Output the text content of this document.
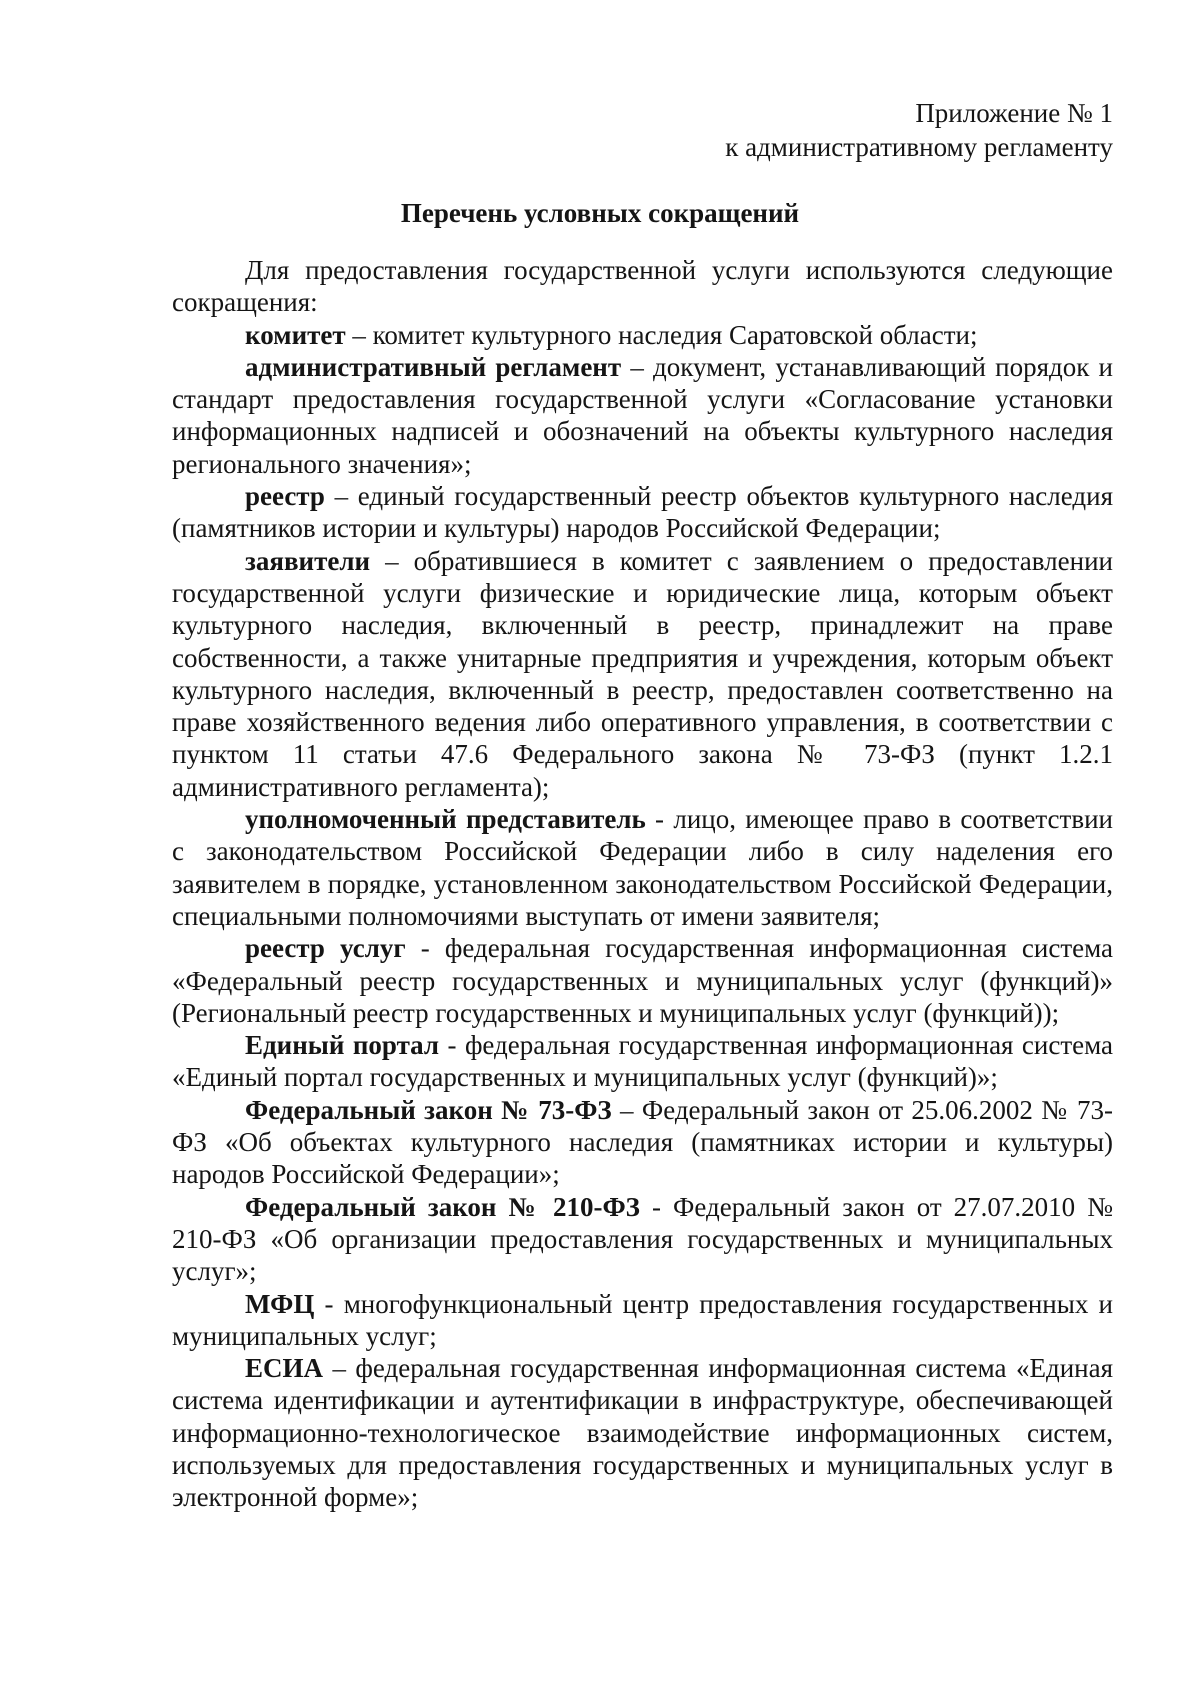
Приложение № 1
к административному регламенту
Перечень условных сокращений

Для предоставления государственной услуги используются следующие сокращения:

комитет – комитет культурного наследия Саратовской области;

административный регламент – документ, устанавливающий порядок и стандарт предоставления государственной услуги «Согласование установки информационных надписей и обозначений на объекты культурного наследия регионального значения»;

реестр – единый государственный реестр объектов культурного наследия (памятников истории и культуры) народов Российской Федерации;

заявители – обратившиеся в комитет с заявлением о предоставлении государственной услуги физические и юридические лица, которым объект культурного наследия, включенный в реестр, принадлежит на праве собственности, а также унитарные предприятия и учреждения, которым объект культурного наследия, включенный в реестр, предоставлен соответственно на праве хозяйственного ведения либо оперативного управления, в соответствии с пунктом 11 статьи 47.6 Федерального закона № 73-ФЗ (пункт 1.2.1 административного регламента);

уполномоченный представитель - лицо, имеющее право в соответствии с законодательством Российской Федерации либо в силу наделения его заявителем в порядке, установленном законодательством Российской Федерации, специальными полномочиями выступать от имени заявителя;

реестр услуг - федеральная государственная информационная система «Федеральный реестр государственных и муниципальных услуг (функций)» (Региональный реестр государственных и муниципальных услуг (функций));

Единый портал - федеральная государственная информационная система «Единый портал государственных и муниципальных услуг (функций)»;

Федеральный закон № 73-ФЗ – Федеральный закон от 25.06.2002 № 73-ФЗ «Об объектах культурного наследия (памятниках истории и культуры) народов Российской Федерации»;

Федеральный закон № 210-ФЗ - Федеральный закон от 27.07.2010 № 210-ФЗ «Об организации предоставления государственных и муниципальных услуг»;

МФЦ - многофункциональный центр предоставления государственных и муниципальных услуг;

ЕСИА – федеральная государственная информационная система «Единая система идентификации и аутентификации в инфраструктуре, обеспечивающей информационно-технологическое взаимодействие информационных систем, используемых для предоставления государственных и муниципальных услуг в электронной форме»;
